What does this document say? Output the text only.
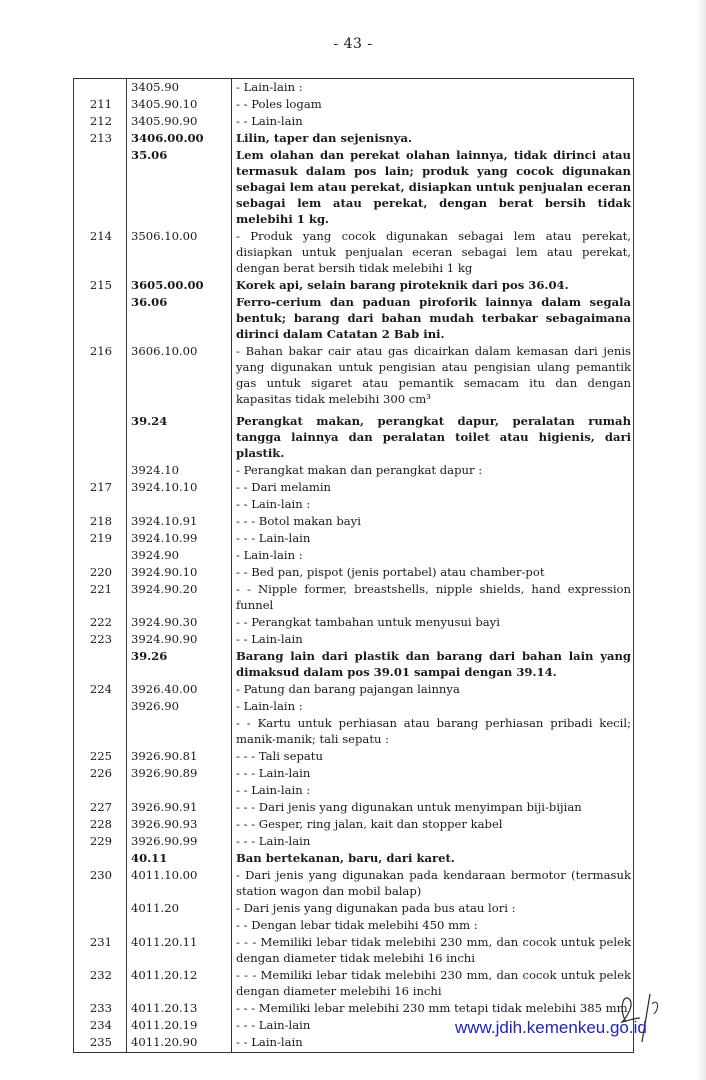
- 43 -
	3405.90	- Lain-lain :
211	3405.90.10	- - Poles logam
212	3405.90.90	- - Lain-lain
213	3406.00.00	Lilin, taper dan sejenisnya.
	35.06	Lem olahan dan perekat olahan lainnya, tidak dirinci atau termasuk dalam pos lain; produk yang cocok digunakan sebagai lem atau perekat, disiapkan untuk penjualan eceran sebagai lem atau perekat, dengan berat bersih tidak melebihi 1 kg.
214	3506.10.00	- Produk yang cocok digunakan sebagai lem atau perekat, disiapkan untuk penjualan eceran sebagai lem atau perekat, dengan berat bersih tidak melebihi 1 kg
215	3605.00.00	Korek api, selain barang piroteknik dari pos 36.04.
	36.06	Ferro-cerium dan paduan piroforik lainnya dalam segala bentuk; barang dari bahan mudah terbakar sebagaimana dirinci dalam Catatan 2 Bab ini.
216	3606.10.00	- Bahan bakar cair atau gas dicairkan dalam kemasan dari jenis yang digunakan untuk pengisian atau pengisian ulang pemantik gas untuk sigaret atau pemantik semacam itu dan dengan kapasitas tidak melebihi 300 cm³
	39.24	Perangkat makan, perangkat dapur, peralatan rumah tangga lainnya dan peralatan toilet atau higienis, dari plastik.
	3924.10	- Perangkat makan dan perangkat dapur :
217	3924.10.10	- - Dari melamin
		- - Lain-lain :
218	3924.10.91	- - - Botol makan bayi
219	3924.10.99	- - - Lain-lain
	3924.90	- Lain-lain :
220	3924.90.10	- - Bed pan, pispot (jenis portabel) atau chamber-pot
221	3924.90.20	- - Nipple former, breastshells, nipple shields, hand expression funnel
222	3924.90.30	- - Perangkat tambahan untuk menyusui bayi
223	3924.90.90	- - Lain-lain
	39.26	Barang lain dari plastik dan barang dari bahan lain yang dimaksud dalam pos 39.01 sampai dengan 39.14.
224	3926.40.00	- Patung dan barang pajangan lainnya
	3926.90	- Lain-lain :
		- - Kartu untuk perhiasan atau barang perhiasan pribadi kecil; manik-manik; tali sepatu :
225	3926.90.81	- - - Tali sepatu
226	3926.90.89	- - - Lain-lain
		- - Lain-lain :
227	3926.90.91	- - - Dari jenis yang digunakan untuk menyimpan biji-bijian
228	3926.90.93	- - - Gesper, ring jalan, kait dan stopper kabel
229	3926.90.99	- - - Lain-lain
	40.11	Ban bertekanan, baru, dari karet.
230	4011.10.00	- Dari jenis yang digunakan pada kendaraan bermotor (termasuk station wagon dan mobil balap)
	4011.20	- Dari jenis yang digunakan pada bus atau lori :
		- - Dengan lebar tidak melebihi 450 mm :
231	4011.20.11	- - - Memiliki lebar tidak melebihi 230 mm, dan cocok untuk pelek dengan diameter tidak melebihi 16 inchi
232	4011.20.12	- - - Memiliki lebar tidak melebihi 230 mm, dan cocok untuk pelek dengan diameter melebihi 16 inchi
233	4011.20.13	- - - Memiliki lebar melebihi 230 mm tetapi tidak melebihi 385 mm
234	4011.20.19	- - - Lain-lain
235	4011.20.90	- - Lain-lain
www.jdih.kemenkeu.go.id
